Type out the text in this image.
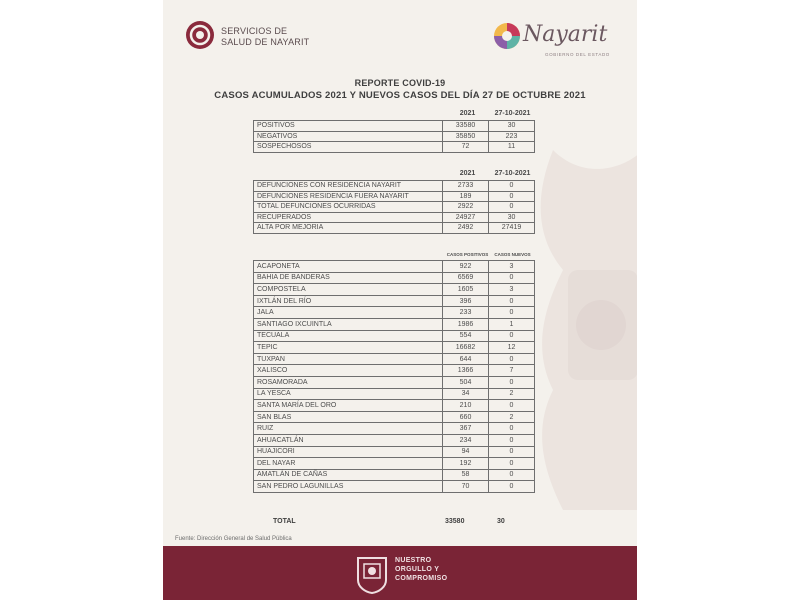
SERVICIOS DE
SALUD DE NAYARIT	Nayarit
GOBIERNO DEL ESTADO
REPORTE COVID-19
CASOS ACUMULADOS 2021 Y NUEVOS CASOS DEL DÍA 27 DE OCTUBRE 2021
2021	27-10-2021
POSITIVOS	33580	30
NEGATIVOS	35850	223
SOSPECHOSOS	72	11
2021	27-10-2021
DEFUNCIONES CON RESIDENCIA NAYARIT	2733	0
DEFUNCIONES RESIDENCIA FUERA NAYARIT	189	0
TOTAL DEFUNCIONES OCURRIDAS	2922	0
RECUPERADOS	24927	30
ALTA POR MEJORIA	2492	27419
CASOS POSITIVOS	CASOS NUEVOS
ACAPONETA	922	3
BAHIA DE BANDERAS	6569	0
COMPOSTELA	1605	3
IXTLÁN DEL RÍO	396	0
JALA	233	0
SANTIAGO IXCUINTLA	1986	1
TECUALA	554	0
TEPIC	16682	12
TUXPAN	644	0
XALISCO	1366	7
ROSAMORADA	504	0
LA YESCA	34	2
SANTA MARÍA DEL ORO	210	0
SAN BLAS	660	2
RUIZ	367	0
AHUACATLÁN	234	0
HUAJICORI	94	0
DEL NAYAR	192	0
AMATLÁN DE CAÑAS	58	0
SAN PEDRO LAGUNILLAS	70	0
TOTAL	33580	30
Fuente: Dirección General de Salud Pública
NUESTRO
ORGULLO Y
COMPROMISO
